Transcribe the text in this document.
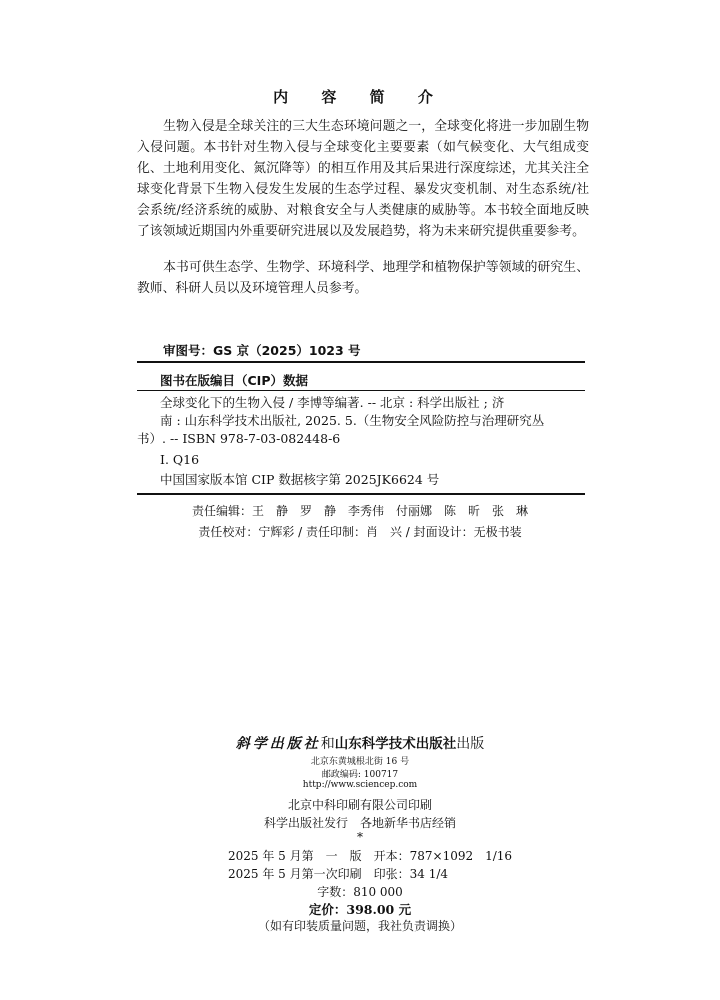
内 容 简 介
生物入侵是全球关注的三大生态环境问题之一，全球变化将进一步加剧生物入侵问题。本书针对生物入侵与全球变化主要要素（如气候变化、大气组成变化、土地利用变化、氮沉降等）的相互作用及其后果进行深度综述，尤其关注全球变化背景下生物入侵发生发展的生态学过程、暴发灾变机制、对生态系统/社会系统/经济系统的威胁、对粮食安全与人类健康的威胁等。本书较全面地反映了该领域近期国内外重要研究进展以及发展趋势，将为未来研究提供重要参考。
本书可供生态学、生物学、环境科学、地理学和植物保护等领域的研究生、教师、科研人员以及环境管理人员参考。
审图号：GS 京（2025）1023 号
图书在版编目（CIP）数据
全球变化下的生物入侵 / 李博等编著. -- 北京 : 科学出版社 ; 济
南 : 山东科学技术出版社, 2025. 5.（生物安全风险防控与治理研究丛
书）. -- ISBN 978-7-03-082448-6
Ⅰ. Q16
中国国家版本馆 CIP 数据核字第 2025JK6624 号
责任编辑：王　静　罗　静　李秀伟　付丽娜　陈　昕　张　琳
责任校对：宁辉彩 / 责任印制：肖　兴 / 封面设计：无极书装
斜学出版社和山东科学技术出版社出版
北京东黄城根北街 16 号
邮政编码: 100717
http://www.sciencep.com
北京中科印刷有限公司印刷
科学出版社发行　各地新华书店经销
*
2025 年 5 月第　一　版　开本：787×1092　1/16
2025 年 5 月第一次印刷　印张：34 1/4
字数：810 000
定价：398.00 元
（如有印装质量问题，我社负责调换）
